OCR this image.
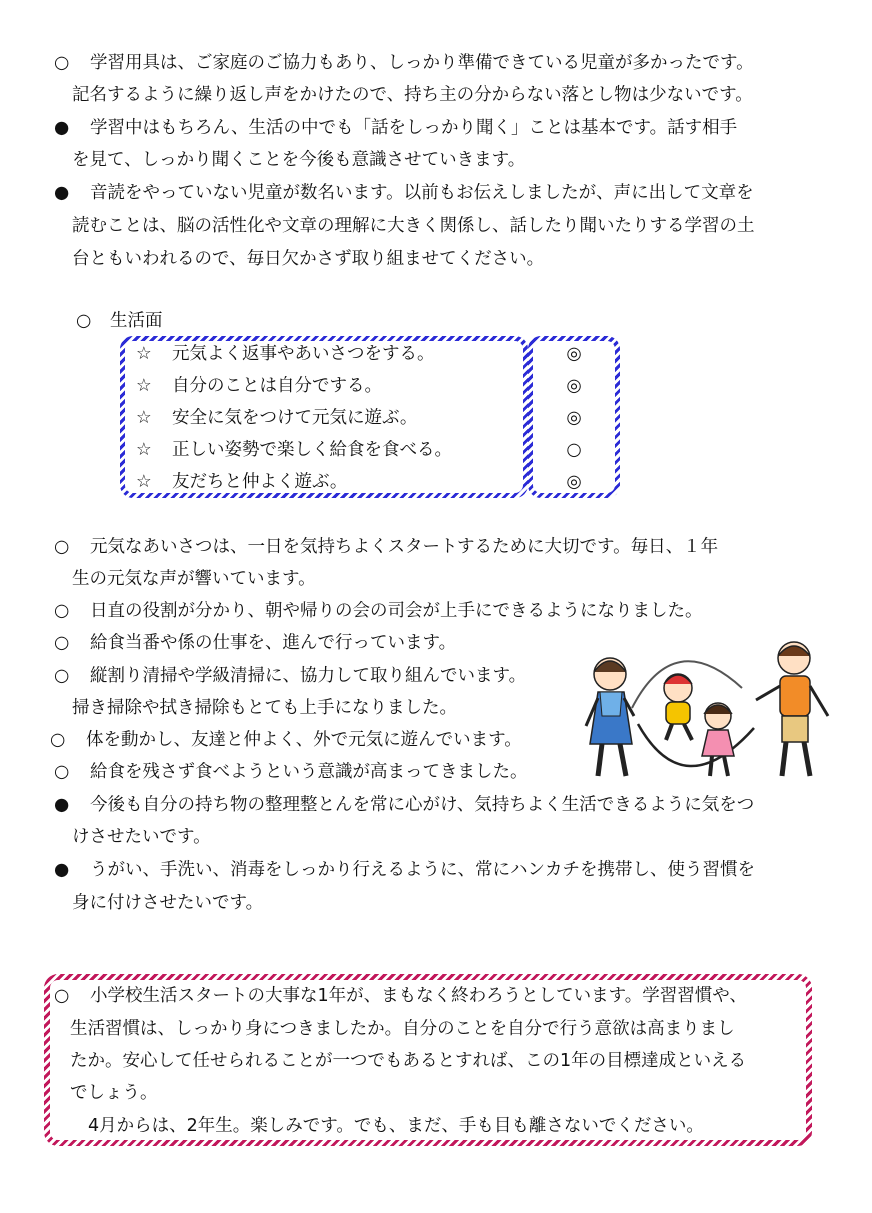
○ 学習用具は、ご家庭のご協力もあり、しっかり準備できている児童が多かったです。
記名するように繰り返し声をかけたので、持ち主の分からない落とし物は少ないです。
● 学習中はもちろん、生活の中でも「話をしっかり聞く」ことは基本です。話す相手
を見て、しっかり聞くことを今後も意識させていきます。
● 音読をやっていない児童が数名います。以前もお伝えしましたが、声に出して文章を
読むことは、脳の活性化や文章の理解に大きく関係し、話したり聞いたりする学習の土
台ともいわれるので、毎日欠かさず取り組ませてください。
○ 生活面
☆ 元気よく返事やあいさつをする。	◎
☆ 自分のことは自分でする。	◎
☆ 安全に気をつけて元気に遊ぶ。	◎
☆ 正しい姿勢で楽しく給食を食べる。	○
☆ 友だちと仲よく遊ぶ。	◎
○ 元気なあいさつは、一日を気持ちよくスタートするために大切です。毎日、１年
生の元気な声が響いています。
○ 日直の役割が分かり、朝や帰りの会の司会が上手にできるようになりました。
○ 給食当番や係の仕事を、進んで行っています。
○ 縦割り清掃や学級清掃に、協力して取り組んでいます。
掃き掃除や拭き掃除もとても上手になりました。
○ 体を動かし、友達と仲よく、外で元気に遊んでいます。
○ 給食を残さず食べようという意識が高まってきました。
● 今後も自分の持ち物の整理整とんを常に心がけ、気持ちよく生活できるように気をつ
けさせたいです。
● うがい、手洗い、消毒をしっかり行えるように、常にハンカチを携帯し、使う習慣を
身に付けさせたいです。
○ 小学校生活スタートの大事な1年が、まもなく終わろうとしています。学習習慣や、
生活習慣は、しっかり身につきましたか。自分のことを自分で行う意欲は高まりまし
たか。安心して任せられることが一つでもあるとすれば、この1年の目標達成といえる
でしょう。
4月からは、2年生。楽しみです。でも、まだ、手も目も離さないでください。
